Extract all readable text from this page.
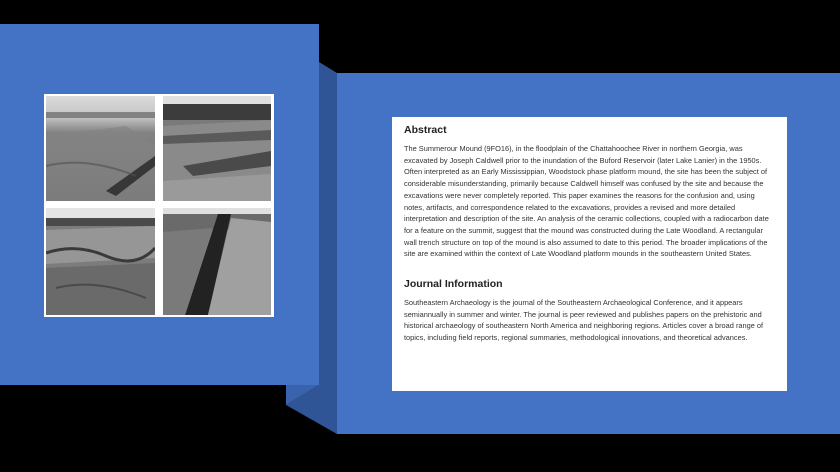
Abstract

The Summerour Mound (9FO16), in the floodplain of the Chattahoochee River in northern Georgia, was excavated by Joseph Caldwell prior to the inundation of the Buford Reservoir (later Lake Lanier) in the 1950s. Often interpreted as an Early Mississippian, Woodstock phase platform mound, the site has been the subject of considerable misunderstanding, primarily because Caldwell himself was confused by the site and because the excavations were never completely reported. This paper examines the reasons for the confusion and, using notes, artifacts, and correspondence related to the excavations, provides a revised and more detailed interpretation and description of the site. An analysis of the ceramic collections, coupled with a radiocarbon date for a feature on the summit, suggest that the mound was constructed during the Late Woodland. A rectangular wall trench structure on top of the mound is also assumed to date to this period. The broader implications of the site are examined within the context of Late Woodland platform mounds in the southeastern United States.

Journal Information

Southeastern Archaeology is the journal of the Southeastern Archaeological Conference, and it appears semiannually in summer and winter. The journal is peer reviewed and publishes papers on the prehistoric and historical archaeology of southeastern North America and neighboring regions. Articles cover a broad range of topics, including field reports, regional summaries, methodological innovations, and theoretical advances.
